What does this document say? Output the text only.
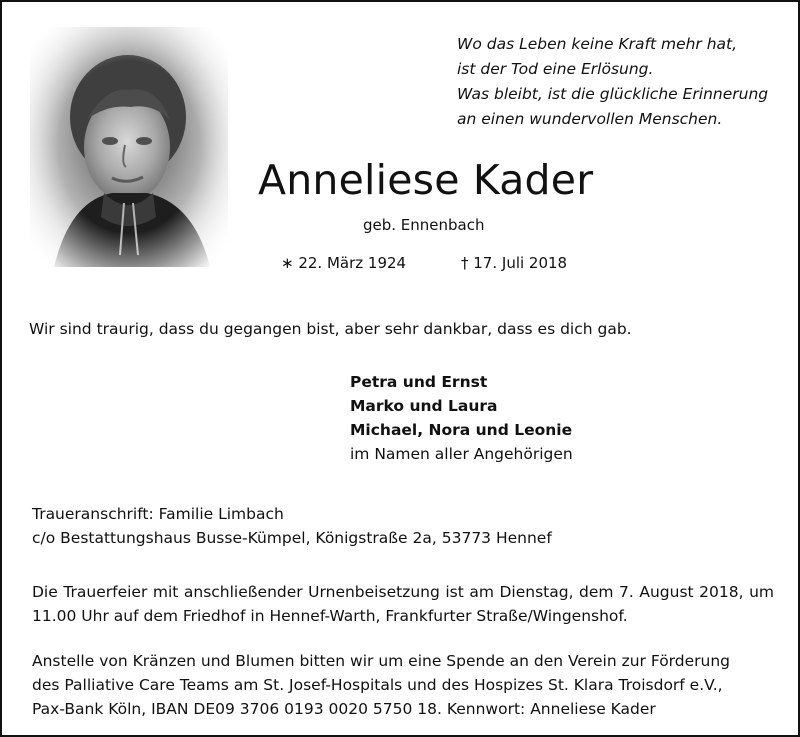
Wo das Leben keine Kraft mehr hat,
ist der Tod eine Erlösung.
Was bleibt, ist die glückliche Erinnerung
an einen wundervollen Menschen.
Anneliese Kader
geb. Ennenbach
∗ 22. März 1924	† 17. Juli 2018
Wir sind traurig, dass du gegangen bist, aber sehr dankbar, dass es dich gab.
Petra und Ernst
Marko und Laura
Michael, Nora und Leonie
im Namen aller Angehörigen
Traueranschrift: Familie Limbach
c/o Bestattungshaus Busse-Kümpel, Königstraße 2a, 53773 Hennef
Die Trauerfeier mit anschließender Urnenbeisetzung ist am Dienstag, dem 7. August 2018, um 11.00 Uhr auf dem Friedhof in Hennef-Warth, Frankfurter Straße/Wingenshof.
Anstelle von Kränzen und Blumen bitten wir um eine Spende an den Verein zur Förderung
des Palliative Care Teams am St. Josef-Hospitals und des Hospizes St. Klara Troisdorf e.V.,
Pax-Bank Köln, IBAN DE09 3706 0193 0020 5750 18. Kennwort: Anneliese Kader
